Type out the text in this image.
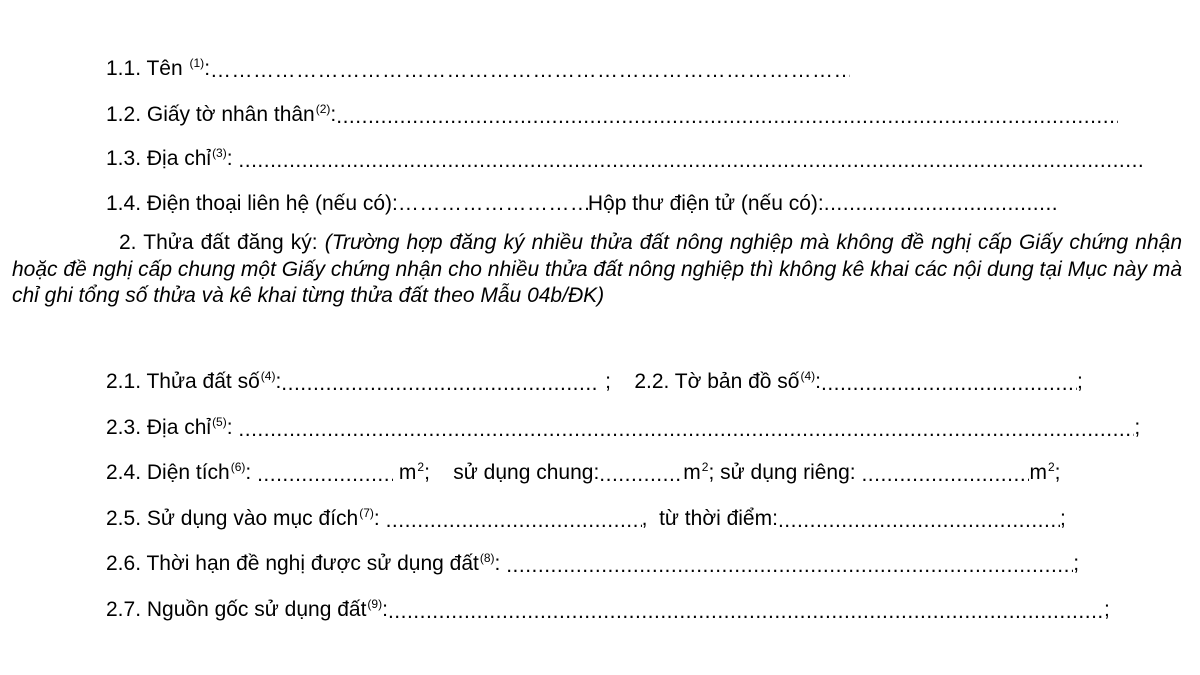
1.1. Tên $^{(1)}$:…………………………………………………………………………………………………………
1.2. Giấy tờ nhân thân$^{(2)}$:.....
1.3. Địa chỉ$^{(3)}$: .....
1.4. Điện thoại liên hệ (nếu có): …………………………………………………………………………………………………………	Hộp thư điện tử (nếu có):.....
2. Thửa đất đăng ký: (Trường hợp đăng ký nhiều thửa đất nông nghiệp mà không đề nghị cấp Giấy chứng nhận hoặc đề nghị cấp chung một Giấy chứng nhận cho nhiều thửa đất nông nghiệp thì không kê khai các nội dung tại Mục này mà chỉ ghi tổng số thửa và kê khai từng thửa đất theo Mẫu 04b/ĐK)
2.1. Thửa đất số$^{(4)}$: .....	;    2.2. Tờ bản đồ số$^{(4)}$: .....	;
2.3. Địa chỉ$^{(5)}$: .....	;
2.4. Diện tích$^{(6)}$: .....	$m^2$;    sử dụng chung: .....	$m^2$; sử dụng riêng: .....	$m^2$;
2.5. Sử dụng vào mục đích$^{(7)}$: .....	,  từ thời điểm: .....	;
2.6. Thời hạn đề nghị được sử dụng đất$^{(8)}$: .....	;
2.7. Nguồn gốc sử dụng đất$^{(9)}$: .....	;
